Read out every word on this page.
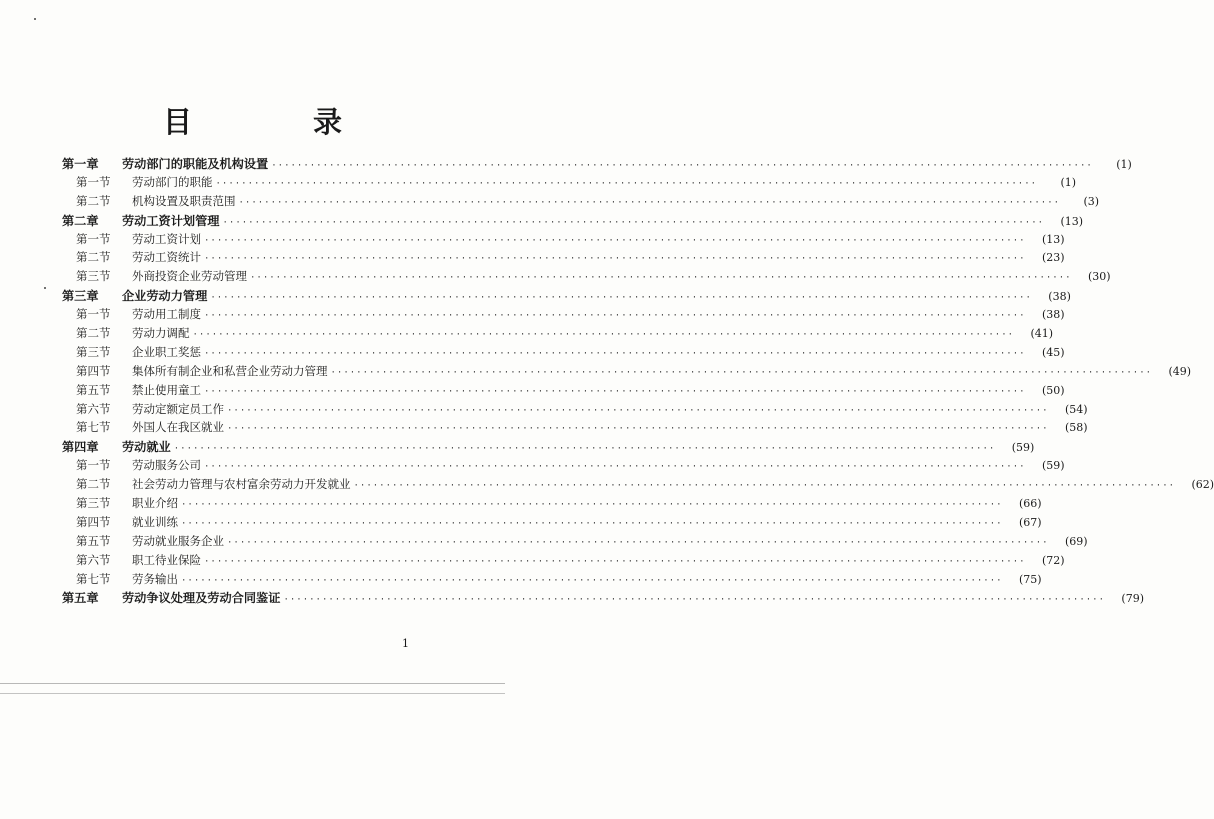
目　录
第一章	劳动部门的职能及机构设置 ·····	(1)
第一节	劳动部门的职能 ·····	(1)
第二节	机构设置及职责范围 ·····	(3)
第二章	劳动工资计划管理 ·····	(13)
第一节	劳动工资计划 ·····	(13)
第二节	劳动工资统计 ·····	(23)
第三节	外商投资企业劳动管理 ·····	(30)
第三章	企业劳动力管理 ·····	(38)
第一节	劳动用工制度 ·····	(38)
第二节	劳动力调配 ·····	(41)
第三节	企业职工奖惩 ·····	(45)
第四节	集体所有制企业和私营企业劳动力管理 ·····	(49)
第五节	禁止使用童工 ·····	(50)
第六节	劳动定额定员工作 ·····	(54)
第七节	外国人在我区就业 ·····	(58)
第四章	劳动就业 ·····	(59)
第一节	劳动服务公司 ·····	(59)
第二节	社会劳动力管理与农村富余劳动力开发就业 ·····	(62)
第三节	职业介绍 ·····	(66)
第四节	就业训练 ·····	(67)
第五节	劳动就业服务企业 ·····	(69)
第六节	职工待业保险 ·····	(72)
第七节	劳务输出 ·····	(75)
第五章	劳动争议处理及劳动合同鉴证 ·····	(79)
1
